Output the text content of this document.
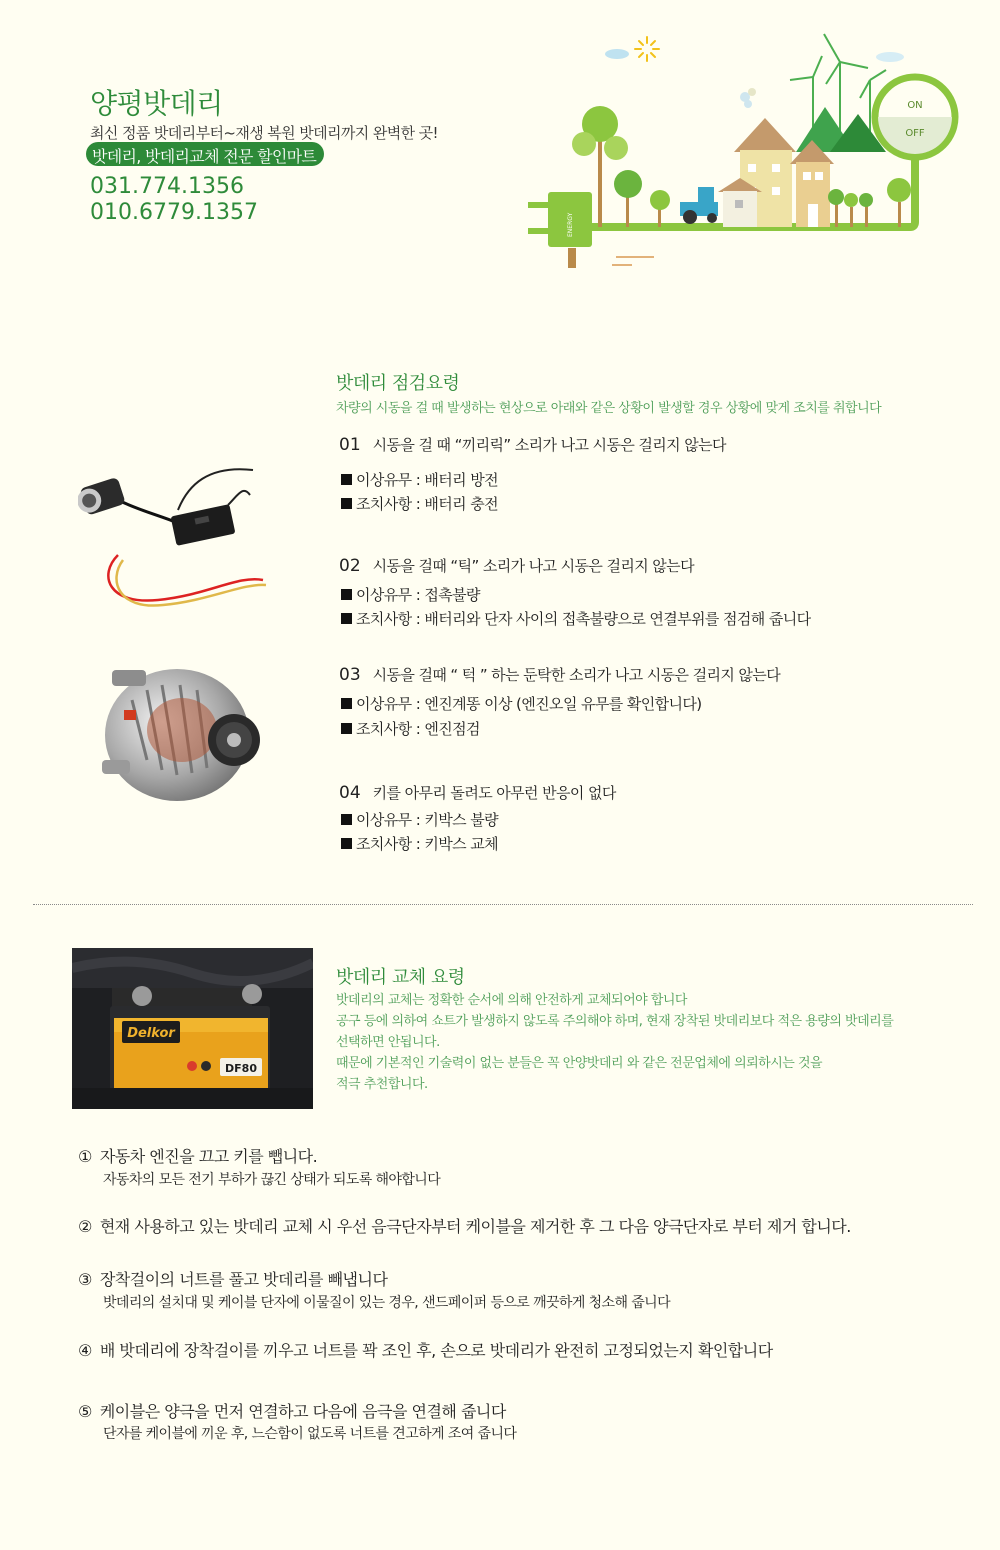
양평밧데리
최신 정품 밧데리부터~재생 복원 밧데리까지 완벽한 곳!
밧데리, 밧데리교체 전문 할인마트
031.774.1356
010.6779.1357
ON
OFF
ENERGY
밧데리 점검요령
차량의 시동을 걸 때 발생하는 현상으로 아래와 같은 상황이 발생할 경우 상황에 맞게 조치를 취합니다
01 시동을 걸 때 “끼리릭” 소리가 나고 시동은 걸리지 않는다
이상유무 : 배터리 방전
조치사항 : 배터리 충전
02 시동을 걸때 “틱” 소리가 나고 시동은 걸리지 않는다
이상유무 : 접촉불량
조치사항 : 배터리와 단자 사이의 접촉불량으로 연결부위를 점검해 줍니다
03 시동을 걸때 “ 턱 ” 하는 둔탁한 소리가 나고 시동은 걸리지 않는다
이상유무 : 엔진계똥 이상 (엔진오일 유무를 확인합니다)
조치사항 : 엔진점검
04 키를 아무리 돌려도 아무런 반응이 없다
이상유무 : 키박스 불량
조치사항 : 키박스 교체
Delkor
DF80
밧데리 교체 요령
밧데리의 교체는 정확한 순서에 의해 안전하게 교체되어야 합니다
공구 등에 의하여 쇼트가 발생하지 않도록 주의해야 하며, 현재 장착된 밧데리보다 적은 용량의 밧데리를
선택하면 안됩니다.
때문에 기본적인 기술력이 없는 분들은 꼭 안양밧데리 와 같은 전문업체에 의뢰하시는 것을
적극 추천합니다.
① 자동차 엔진을 끄고 키를 뺍니다.
자동차의 모든 전기 부하가 끊긴 상태가 되도록 해야합니다
② 현재 사용하고 있는 밧데리 교체 시 우선 음극단자부터 케이블을 제거한 후 그 다음 양극단자로 부터 제거 합니다.
③ 장착걸이의 너트를 풀고 밧데리를 빼냅니다
밧데리의 설치대 및 케이블 단자에 이물질이 있는 경우, 샌드페이퍼 등으로 깨끗하게 청소해 줍니다
④ 배 밧데리에 장착걸이를 끼우고 너트를 꽉 조인 후, 손으로 밧데리가 완전히 고정되었는지 확인합니다
⑤ 케이블은 양극을 먼저 연결하고 다음에 음극을 연결해 줍니다
단자를 케이블에 끼운 후, 느슨함이 없도록 너트를 견고하게 조여 줍니다
